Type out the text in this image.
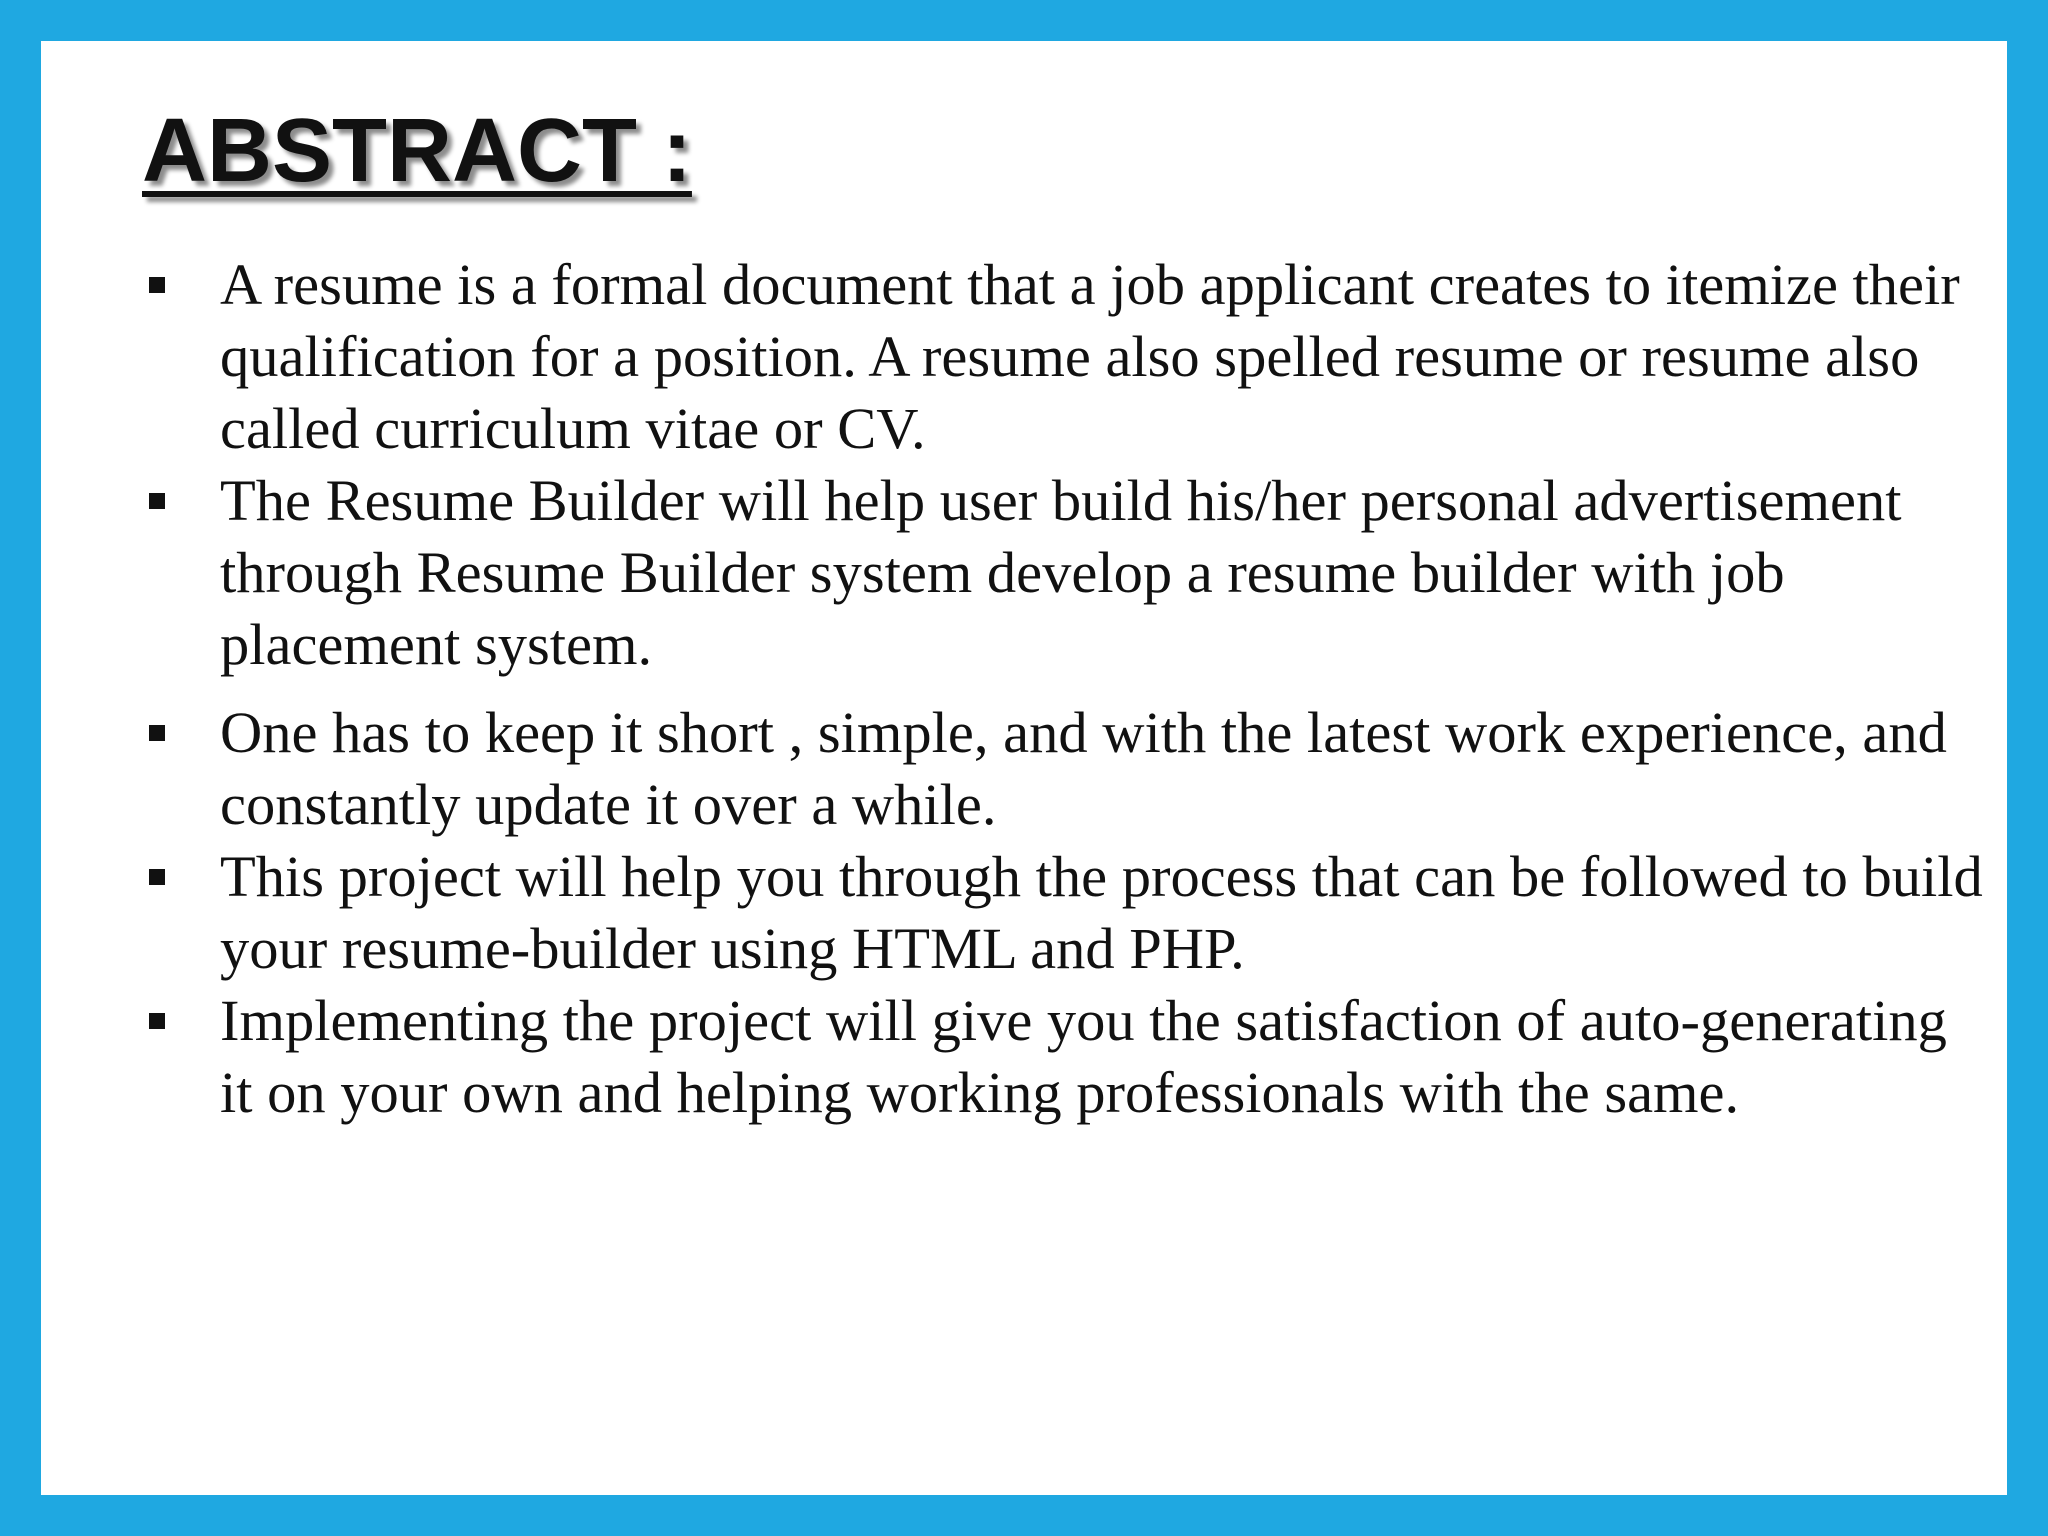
ABSTRACT :
A resume is a formal document that a job applicant creates to itemize their qualification for a position. A resume also spelled resume or resume also called curriculum vitae or CV.
The Resume Builder will help user build his/her personal advertisement through Resume Builder system develop a resume builder with job placement system.
One has to keep it short , simple, and with the latest work experience, and constantly update it over a while.
This project will help you through the process that can be followed to build your resume-builder using HTML and PHP.
Implementing the project will give you the satisfaction of auto-generating it on your own and helping working professionals with the same.
